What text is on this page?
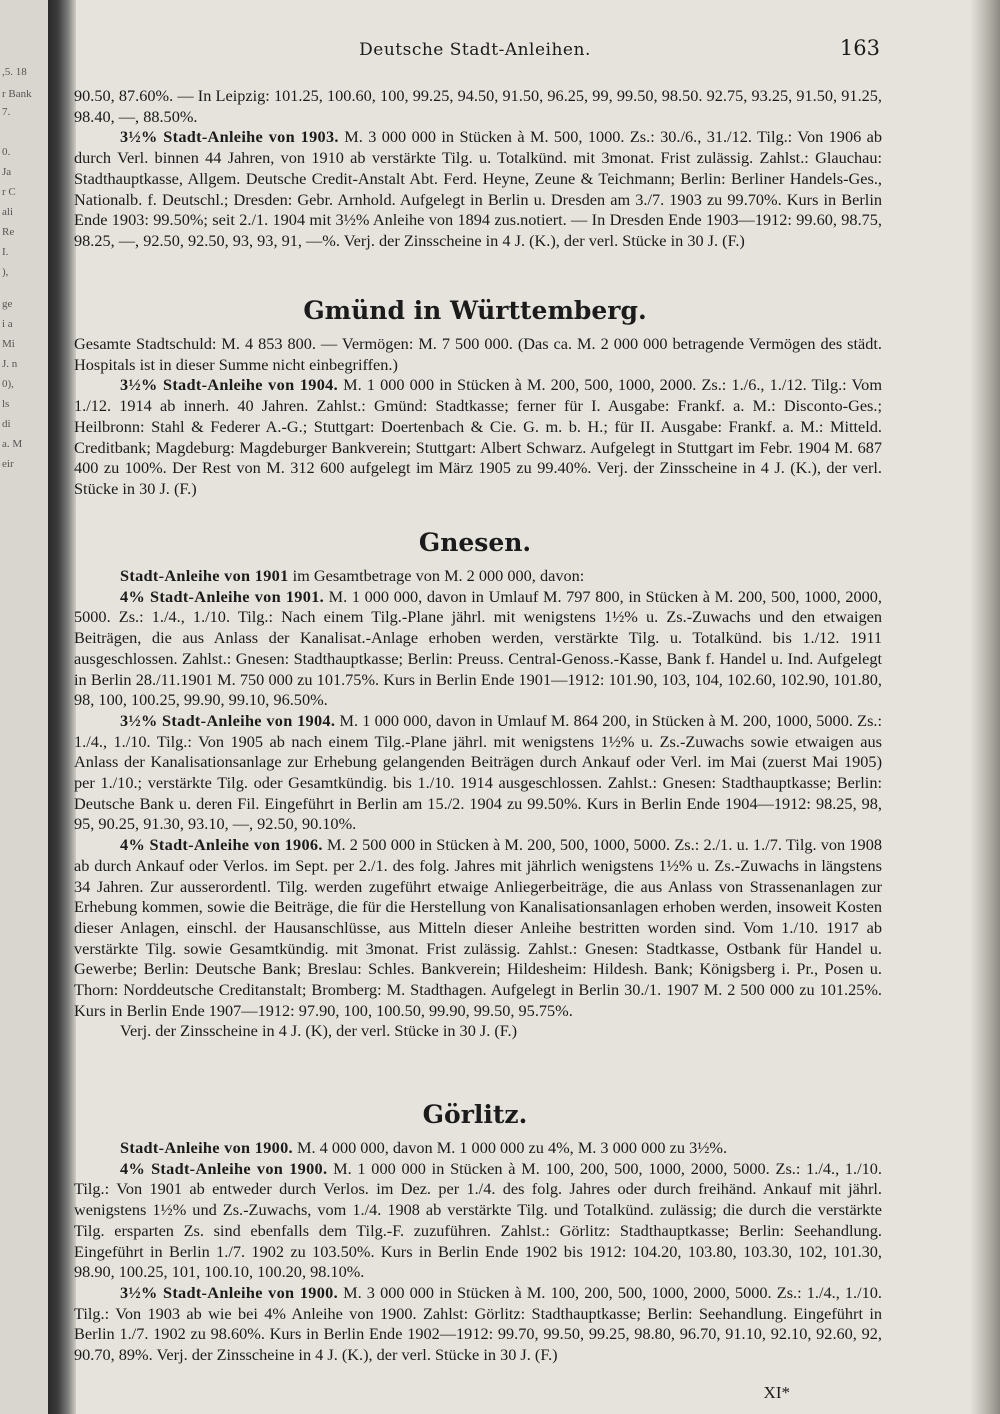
,5. 18
r Bank
7.
0.
Ja
r C
ali
Re
I.
),
ge
i a
Mi
J. n
0),
ls
di
a. M
eir
Deutsche Stadt-Anleihen.	163

90.50, 87.60%. — In Leipzig: 101.25, 100.60, 100, 99.25, 94.50, 91.50, 96.25, 99, 99.50, 98.50. 92.75, 93.25, 91.50, 91.25, 98.40, —, 88.50%.

3½% Stadt-Anleihe von 1903. M. 3 000 000 in Stücken à M. 500, 1000. Zs.: 30./6., 31./12. Tilg.: Von 1906 ab durch Verl. binnen 44 Jahren, von 1910 ab verstärkte Tilg. u. Totalkünd. mit 3monat. Frist zulässig. Zahlst.: Glauchau: Stadthauptkasse, Allgem. Deutsche Credit-Anstalt Abt. Ferd. Heyne, Zeune & Teichmann; Berlin: Berliner Handels-Ges., Nationalb. f. Deutschl.; Dresden: Gebr. Arnhold. Aufgelegt in Berlin u. Dresden am 3./7. 1903 zu 99.70%. Kurs in Berlin Ende 1903: 99.50%; seit 2./1. 1904 mit 3½% Anleihe von 1894 zus.notiert. — In Dresden Ende 1903—1912: 99.60, 98.75, 98.25, —, 92.50, 92.50, 93, 93, 91, —%. Verj. der Zinsscheine in 4 J. (K.), der verl. Stücke in 30 J. (F.)

Gmünd in Württemberg.

Gesamte Stadtschuld: M. 4 853 800. — Vermögen: M. 7 500 000. (Das ca. M. 2 000 000 betragende Vermögen des städt. Hospitals ist in dieser Summe nicht einbegriffen.)

3½% Stadt-Anleihe von 1904. M. 1 000 000 in Stücken à M. 200, 500, 1000, 2000. Zs.: 1./6., 1./12. Tilg.: Vom 1./12. 1914 ab innerh. 40 Jahren. Zahlst.: Gmünd: Stadtkasse; ferner für I. Ausgabe: Frankf. a. M.: Disconto-Ges.; Heilbronn: Stahl & Federer A.-G.; Stuttgart: Doertenbach & Cie. G. m. b. H.; für II. Ausgabe: Frankf. a. M.: Mitteld. Creditbank; Magdeburg: Magdeburger Bankverein; Stuttgart: Albert Schwarz. Aufgelegt in Stuttgart im Febr. 1904 M. 687 400 zu 100%. Der Rest von M. 312 600 aufgelegt im März 1905 zu 99.40%. Verj. der Zinsscheine in 4 J. (K.), der verl. Stücke in 30 J. (F.)

Gnesen.

Stadt-Anleihe von 1901 im Gesamtbetrage von M. 2 000 000, davon:

4% Stadt-Anleihe von 1901. M. 1 000 000, davon in Umlauf M. 797 800, in Stücken à M. 200, 500, 1000, 2000, 5000. Zs.: 1./4., 1./10. Tilg.: Nach einem Tilg.-Plane jährl. mit wenigstens 1½% u. Zs.-Zuwachs und den etwaigen Beiträgen, die aus Anlass der Kanalisat.-Anlage erhoben werden, verstärkte Tilg. u. Totalkünd. bis 1./12. 1911 ausgeschlossen. Zahlst.: Gnesen: Stadthauptkasse; Berlin: Preuss. Central-Genoss.-Kasse, Bank f. Handel u. Ind. Aufgelegt in Berlin 28./11.1901 M. 750 000 zu 101.75%. Kurs in Berlin Ende 1901—1912: 101.90, 103, 104, 102.60, 102.90, 101.80, 98, 100, 100.25, 99.90, 99.10, 96.50%.

3½% Stadt-Anleihe von 1904. M. 1 000 000, davon in Umlauf M. 864 200, in Stücken à M. 200, 1000, 5000. Zs.: 1./4., 1./10. Tilg.: Von 1905 ab nach einem Tilg.-Plane jährl. mit wenigstens 1½% u. Zs.-Zuwachs sowie etwaigen aus Anlass der Kanalisationsanlage zur Erhebung gelangenden Beiträgen durch Ankauf oder Verl. im Mai (zuerst Mai 1905) per 1./10.; verstärkte Tilg. oder Gesamtkündig. bis 1./10. 1914 ausgeschlossen. Zahlst.: Gnesen: Stadthauptkasse; Berlin: Deutsche Bank u. deren Fil. Eingeführt in Berlin am 15./2. 1904 zu 99.50%. Kurs in Berlin Ende 1904—1912: 98.25, 98, 95, 90.25, 91.30, 93.10, —, 92.50, 90.10%.

4% Stadt-Anleihe von 1906. M. 2 500 000 in Stücken à M. 200, 500, 1000, 5000. Zs.: 2./1. u. 1./7. Tilg. von 1908 ab durch Ankauf oder Verlos. im Sept. per 2./1. des folg. Jahres mit jährlich wenigstens 1½% u. Zs.-Zuwachs in längstens 34 Jahren. Zur ausserordentl. Tilg. werden zugeführt etwaige Anliegerbeiträge, die aus Anlass von Strassenanlagen zur Erhebung kommen, sowie die Beiträge, die für die Herstellung von Kanalisationsanlagen erhoben werden, insoweit Kosten dieser Anlagen, einschl. der Hausanschlüsse, aus Mitteln dieser Anleihe bestritten worden sind. Vom 1./10. 1917 ab verstärkte Tilg. sowie Gesamtkündig. mit 3monat. Frist zulässig. Zahlst.: Gnesen: Stadtkasse, Ostbank für Handel u. Gewerbe; Berlin: Deutsche Bank; Breslau: Schles. Bankverein; Hildesheim: Hildesh. Bank; Königsberg i. Pr., Posen u. Thorn: Norddeutsche Creditanstalt; Bromberg: M. Stadthagen. Aufgelegt in Berlin 30./1. 1907 M. 2 500 000 zu 101.25%. Kurs in Berlin Ende 1907—1912: 97.90, 100, 100.50, 99.90, 99.50, 95.75%.

Verj. der Zinsscheine in 4 J. (K), der verl. Stücke in 30 J. (F.)

Görlitz.

Stadt-Anleihe von 1900. M. 4 000 000, davon M. 1 000 000 zu 4%, M. 3 000 000 zu 3½%.

4% Stadt-Anleihe von 1900. M. 1 000 000 in Stücken à M. 100, 200, 500, 1000, 2000, 5000. Zs.: 1./4., 1./10. Tilg.: Von 1901 ab entweder durch Verlos. im Dez. per 1./4. des folg. Jahres oder durch freihänd. Ankauf mit jährl. wenigstens 1½% und Zs.-Zuwachs, vom 1./4. 1908 ab verstärkte Tilg. und Totalkünd. zulässig; die durch die verstärkte Tilg. ersparten Zs. sind ebenfalls dem Tilg.-F. zuzuführen. Zahlst.: Görlitz: Stadthauptkasse; Berlin: Seehandlung. Eingeführt in Berlin 1./7. 1902 zu 103.50%. Kurs in Berlin Ende 1902 bis 1912: 104.20, 103.80, 103.30, 102, 101.30, 98.90, 100.25, 101, 100.10, 100.20, 98.10%.

3½% Stadt-Anleihe von 1900. M. 3 000 000 in Stücken à M. 100, 200, 500, 1000, 2000, 5000. Zs.: 1./4., 1./10. Tilg.: Von 1903 ab wie bei 4% Anleihe von 1900. Zahlst: Görlitz: Stadthauptkasse; Berlin: Seehandlung. Eingeführt in Berlin 1./7. 1902 zu 98.60%. Kurs in Berlin Ende 1902—1912: 99.70, 99.50, 99.25, 98.80, 96.70, 91.10, 92.10, 92.60, 92, 90.70, 89%. Verj. der Zinsscheine in 4 J. (K.), der verl. Stücke in 30 J. (F.)

XI*
